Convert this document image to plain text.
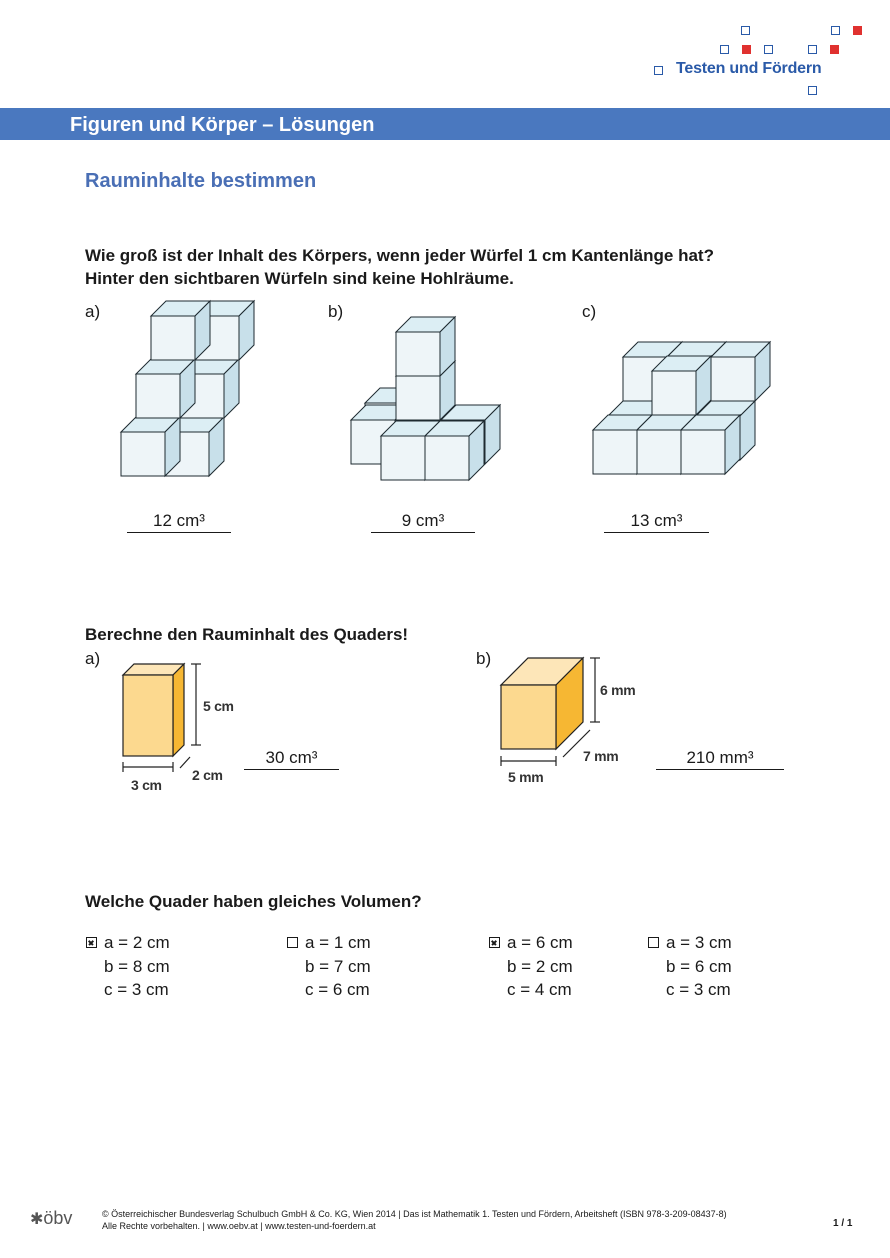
Testen und Fördern
Figuren und Körper – Lösungen
Rauminhalte bestimmen
Wie groß ist der Inhalt des Körpers, wenn jeder Würfel 1 cm Kantenlänge hat?
Hinter den sichtbaren Würfeln sind keine Hohlräume.
a)	b)	c)
12 cm³	9 cm³	13 cm³
Berechne den Rauminhalt des Quaders!
a)	b)
5 cm
2 cm
3 cm
30 cm³
6 mm
7 mm
5 mm
210 mm³
Welche Quader haben gleiches Volumen?
a = 2 cm
b = 8 cm
c = 3 cm
a = 1 cm
b = 7 cm
c = 6 cm
a = 6 cm
b = 2 cm
c = 4 cm
a = 3 cm
b = 6 cm
c = 3 cm
✱öbv	© Österreichischer Bundesverlag Schulbuch GmbH & Co. KG, Wien 2014 | Das ist Mathematik 1. Testen und Fördern, Arbeitsheft (ISBN 978-3-209-08437-8)
Alle Rechte vorbehalten. | www.oebv.at | www.testen-und-foerdern.at	1 / 1
